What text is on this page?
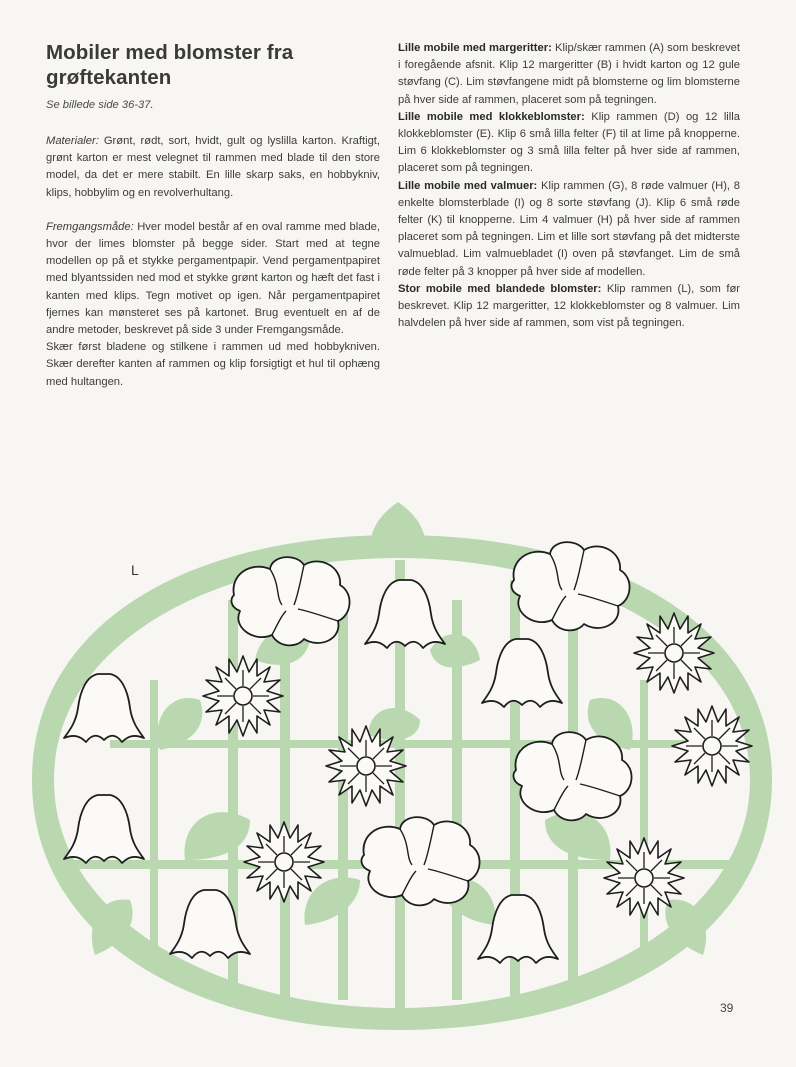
Mobiler med blomster fra grøftekanten
Se billede side 36-37.

Materialer: Grønt, rødt, sort, hvidt, gult og lyslilla karton. Kraftigt, grønt karton er mest velegnet til rammen med blade til den store model, da det er mere stabilt. En lille skarp saks, en hobbykniv, klips, hobbylim og en revolverhultang.

Fremgangsmåde: Hver model består af en oval ramme med blade, hvor der limes blomster på begge sider. Start med at tegne modellen op på et stykke pergamentpapir. Vend pergamentpapiret med blyantssiden ned mod et stykke grønt karton og hæft det fast i kanten med klips. Tegn motivet op igen. Når pergamentpapiret fjernes kan mønsteret ses på kartonet. Brug eventuelt en af de andre metoder, beskrevet på side 3 under Fremgangsmåde.

Skær først bladene og stilkene i rammen ud med hobbykniven. Skær derefter kanten af rammen og klip forsigtigt et hul til ophæng med hultangen.

Lille mobile med margeritter: Klip/skær rammen (A) som beskrevet i foregående afsnit. Klip 12 margeritter (B) i hvidt karton og 12 gule støvfang (C). Lim støvfangene midt på blomsterne og lim blomsterne på hver side af rammen, placeret som på tegningen.

Lille mobile med klokkeblomster: Klip rammen (D) og 12 lilla klokkeblomster (E). Klip 6 små lilla felter (F) til at lime på knopperne. Lim 6 klokkeblomster og 3 små lilla felter på hver side af rammen, placeret som på tegningen.

Lille mobile med valmuer: Klip rammen (G), 8 røde valmuer (H), 8 enkelte blomsterblade (I) og 8 sorte støvfang (J). Klip 6 små røde felter (K) til knopperne. Lim 4 valmuer (H) på hver side af rammen placeret som på tegningen. Lim et lille sort støvfang på det midterste valmueblad. Lim valmuebladet (I) oven på støvfanget. Lim de små røde felter på 3 knopper på hver side af modellen.

Stor mobile med blandede blomster: Klip rammen (L), som før beskrevet. Klip 12 margeritter, 12 klokkeblomster og 8 valmuer. Lim halvdelen på hver side af rammen, som vist på tegningen.

L
39
